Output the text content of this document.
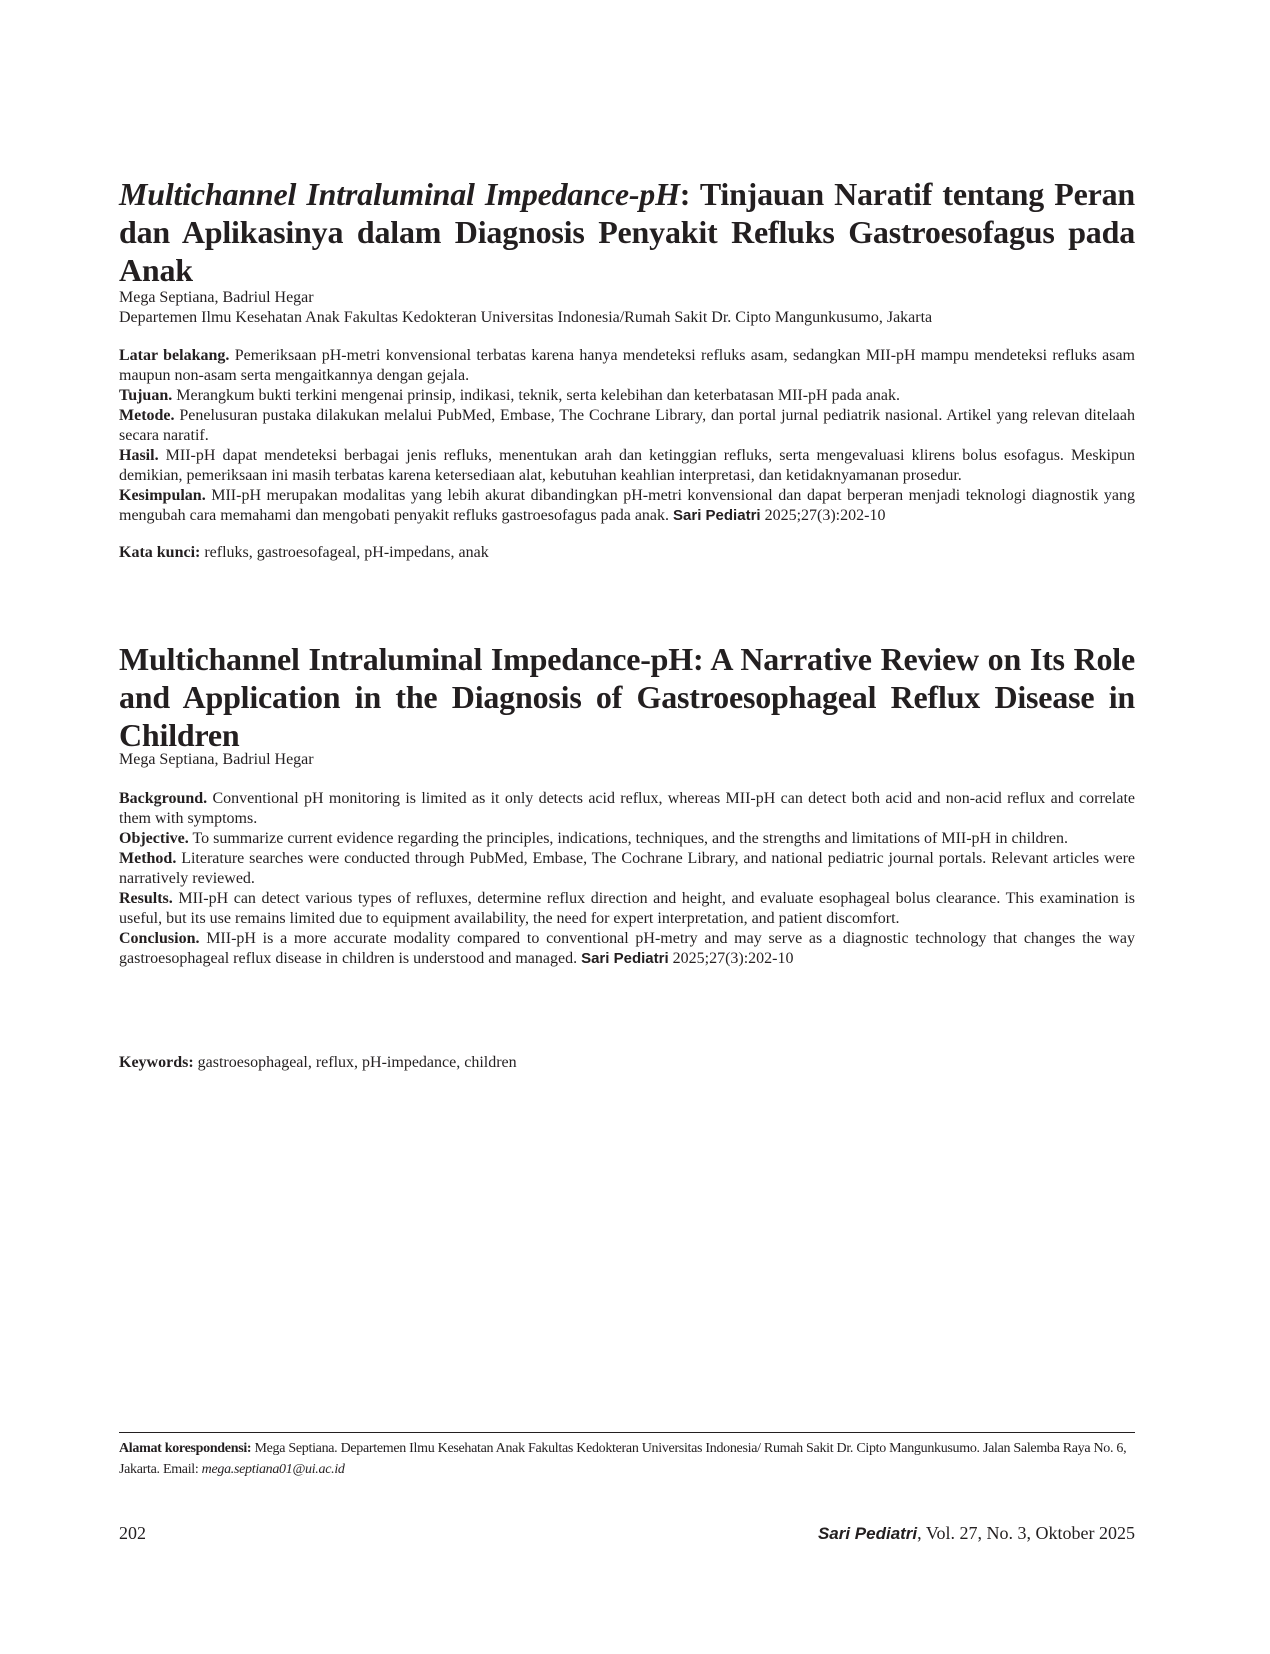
Multichannel Intraluminal Impedance-pH: Tinjauan Naratif tentang Peran dan Aplikasinya dalam Diagnosis Penyakit Refluks Gastroesofagus pada Anak
Mega Septiana, Badriul Hegar
Departemen Ilmu Kesehatan Anak Fakultas Kedokteran Universitas Indonesia/Rumah Sakit Dr. Cipto Mangunkusumo, Jakarta

Latar belakang. Pemeriksaan pH-metri konvensional terbatas karena hanya mendeteksi refluks asam, sedangkan MII-pH mampu mendeteksi refluks asam maupun non-asam serta mengaitkannya dengan gejala.

Tujuan. Merangkum bukti terkini mengenai prinsip, indikasi, teknik, serta kelebihan dan keterbatasan MII-pH pada anak.

Metode. Penelusuran pustaka dilakukan melalui PubMed, Embase, The Cochrane Library, dan portal jurnal pediatrik nasional. Artikel yang relevan ditelaah secara naratif.

Hasil. MII-pH dapat mendeteksi berbagai jenis refluks, menentukan arah dan ketinggian refluks, serta mengevaluasi klirens bolus esofagus. Meskipun demikian, pemeriksaan ini masih terbatas karena ketersediaan alat, kebutuhan keahlian interpretasi, dan ketidaknyamanan prosedur.

Kesimpulan. MII-pH merupakan modalitas yang lebih akurat dibandingkan pH-metri konvensional dan dapat berperan menjadi teknologi diagnostik yang mengubah cara memahami dan mengobati penyakit refluks gastroesofagus pada anak. Sari Pediatri 2025;27(3):202-10

Kata kunci: refluks, gastroesofageal, pH-impedans, anak
Multichannel Intraluminal Impedance-pH: A Narrative Review on Its Role and Application in the Diagnosis of Gastroesophageal Reflux Disease in Children
Mega Septiana, Badriul Hegar

Background. Conventional pH monitoring is limited as it only detects acid reflux, whereas MII-pH can detect both acid and non-acid reflux and correlate them with symptoms.

Objective. To summarize current evidence regarding the principles, indications, techniques, and the strengths and limitations of MII-pH in children.

Method. Literature searches were conducted through PubMed, Embase, The Cochrane Library, and national pediatric journal portals. Relevant articles were narratively reviewed.

Results. MII-pH can detect various types of refluxes, determine reflux direction and height, and evaluate esophageal bolus clearance. This examination is useful, but its use remains limited due to equipment availability, the need for expert interpretation, and patient discomfort.

Conclusion. MII-pH is a more accurate modality compared to conventional pH-metry and may serve as a diagnostic technology that changes the way gastroesophageal reflux disease in children is understood and managed. Sari Pediatri 2025;27(3):202-10

Keywords: gastroesophageal, reflux, pH-impedance, children
Alamat korespondensi: Mega Septiana. Departemen Ilmu Kesehatan Anak Fakultas Kedokteran Universitas Indonesia/ Rumah Sakit Dr. Cipto Mangunkusumo. Jalan Salemba Raya No. 6, Jakarta. Email: mega.septiana01@ui.ac.id
202	Sari Pediatri, Vol. 27, No. 3, Oktober 2025
